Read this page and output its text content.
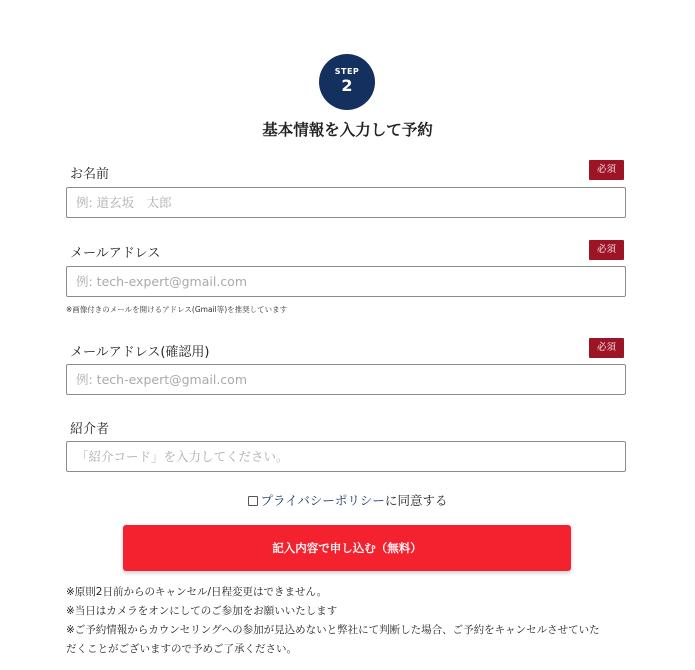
STEP
2
基本情報を入力して予約
お名前	必須
例: 道玄坂　太郎
メールアドレス	必須
例: tech-expert@gmail.com
※画像付きのメールを開けるアドレス(Gmail等)を推奨しています
メールアドレス(確認用)	必須
例: tech-expert@gmail.com
紹介者
「紹介コード」を入力してください。
プライバシーポリシーに同意する
記入内容で申し込む（無料）
※原則2日前からのキャンセル/日程変更はできません。
※当日はカメラをオンにしてのご参加をお願いいたします
※ご予約情報からカウンセリングへの参加が見込めないと弊社にて判断した場合、ご予約をキャンセルさせていた
だくことがございますので予めご了承ください。
